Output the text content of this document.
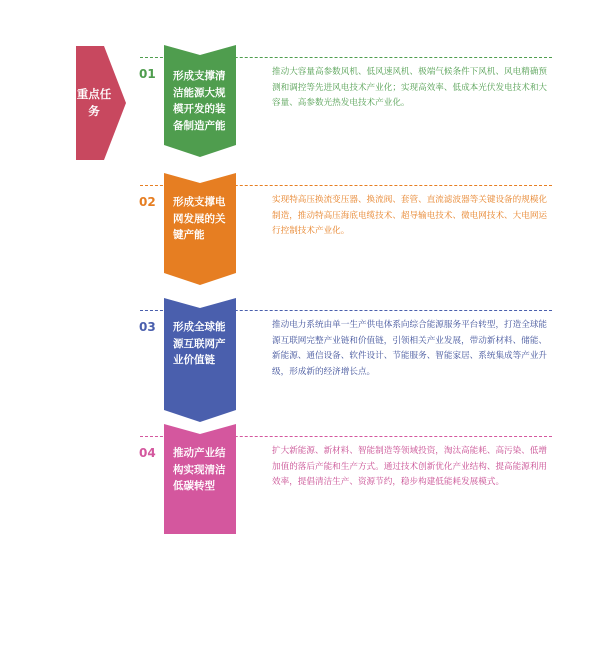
重点任务
01 形成支撑清洁能源大规模开发的装备制造产能
推动大容量高参数风机、低风速风机、极端气候条件下风机、风电精确预测和调控等先进风电技术产业化；实现高效率、低成本光伏发电技术和大容量、高参数光热发电技术产业化。
02 形成支撑电网发展的关键产能
实现特高压换流变压器、换流阀、套管、直流滤波器等关键设备的规模化制造，推动特高压海底电缆技术、超导输电技术、微电网技术、大电网运行控制技术产业化。
03 形成全球能源互联网产业价值链
推动电力系统由单一生产供电体系向综合能源服务平台转型，打造全球能源互联网完整产业链和价值链，引领相关产业发展，带动新材料、储能、新能源、通信设备、软件设计、节能服务、智能家居、系统集成等产业升级，形成新的经济增长点。
04 推动产业结构实现清洁低碳转型
扩大新能源、新材料、智能制造等领域投资，淘汰高能耗、高污染、低增加值的落后产能和生产方式。通过技术创新优化产业结构、提高能源利用效率，提倡清洁生产、资源节约，稳步构建低能耗发展模式。
